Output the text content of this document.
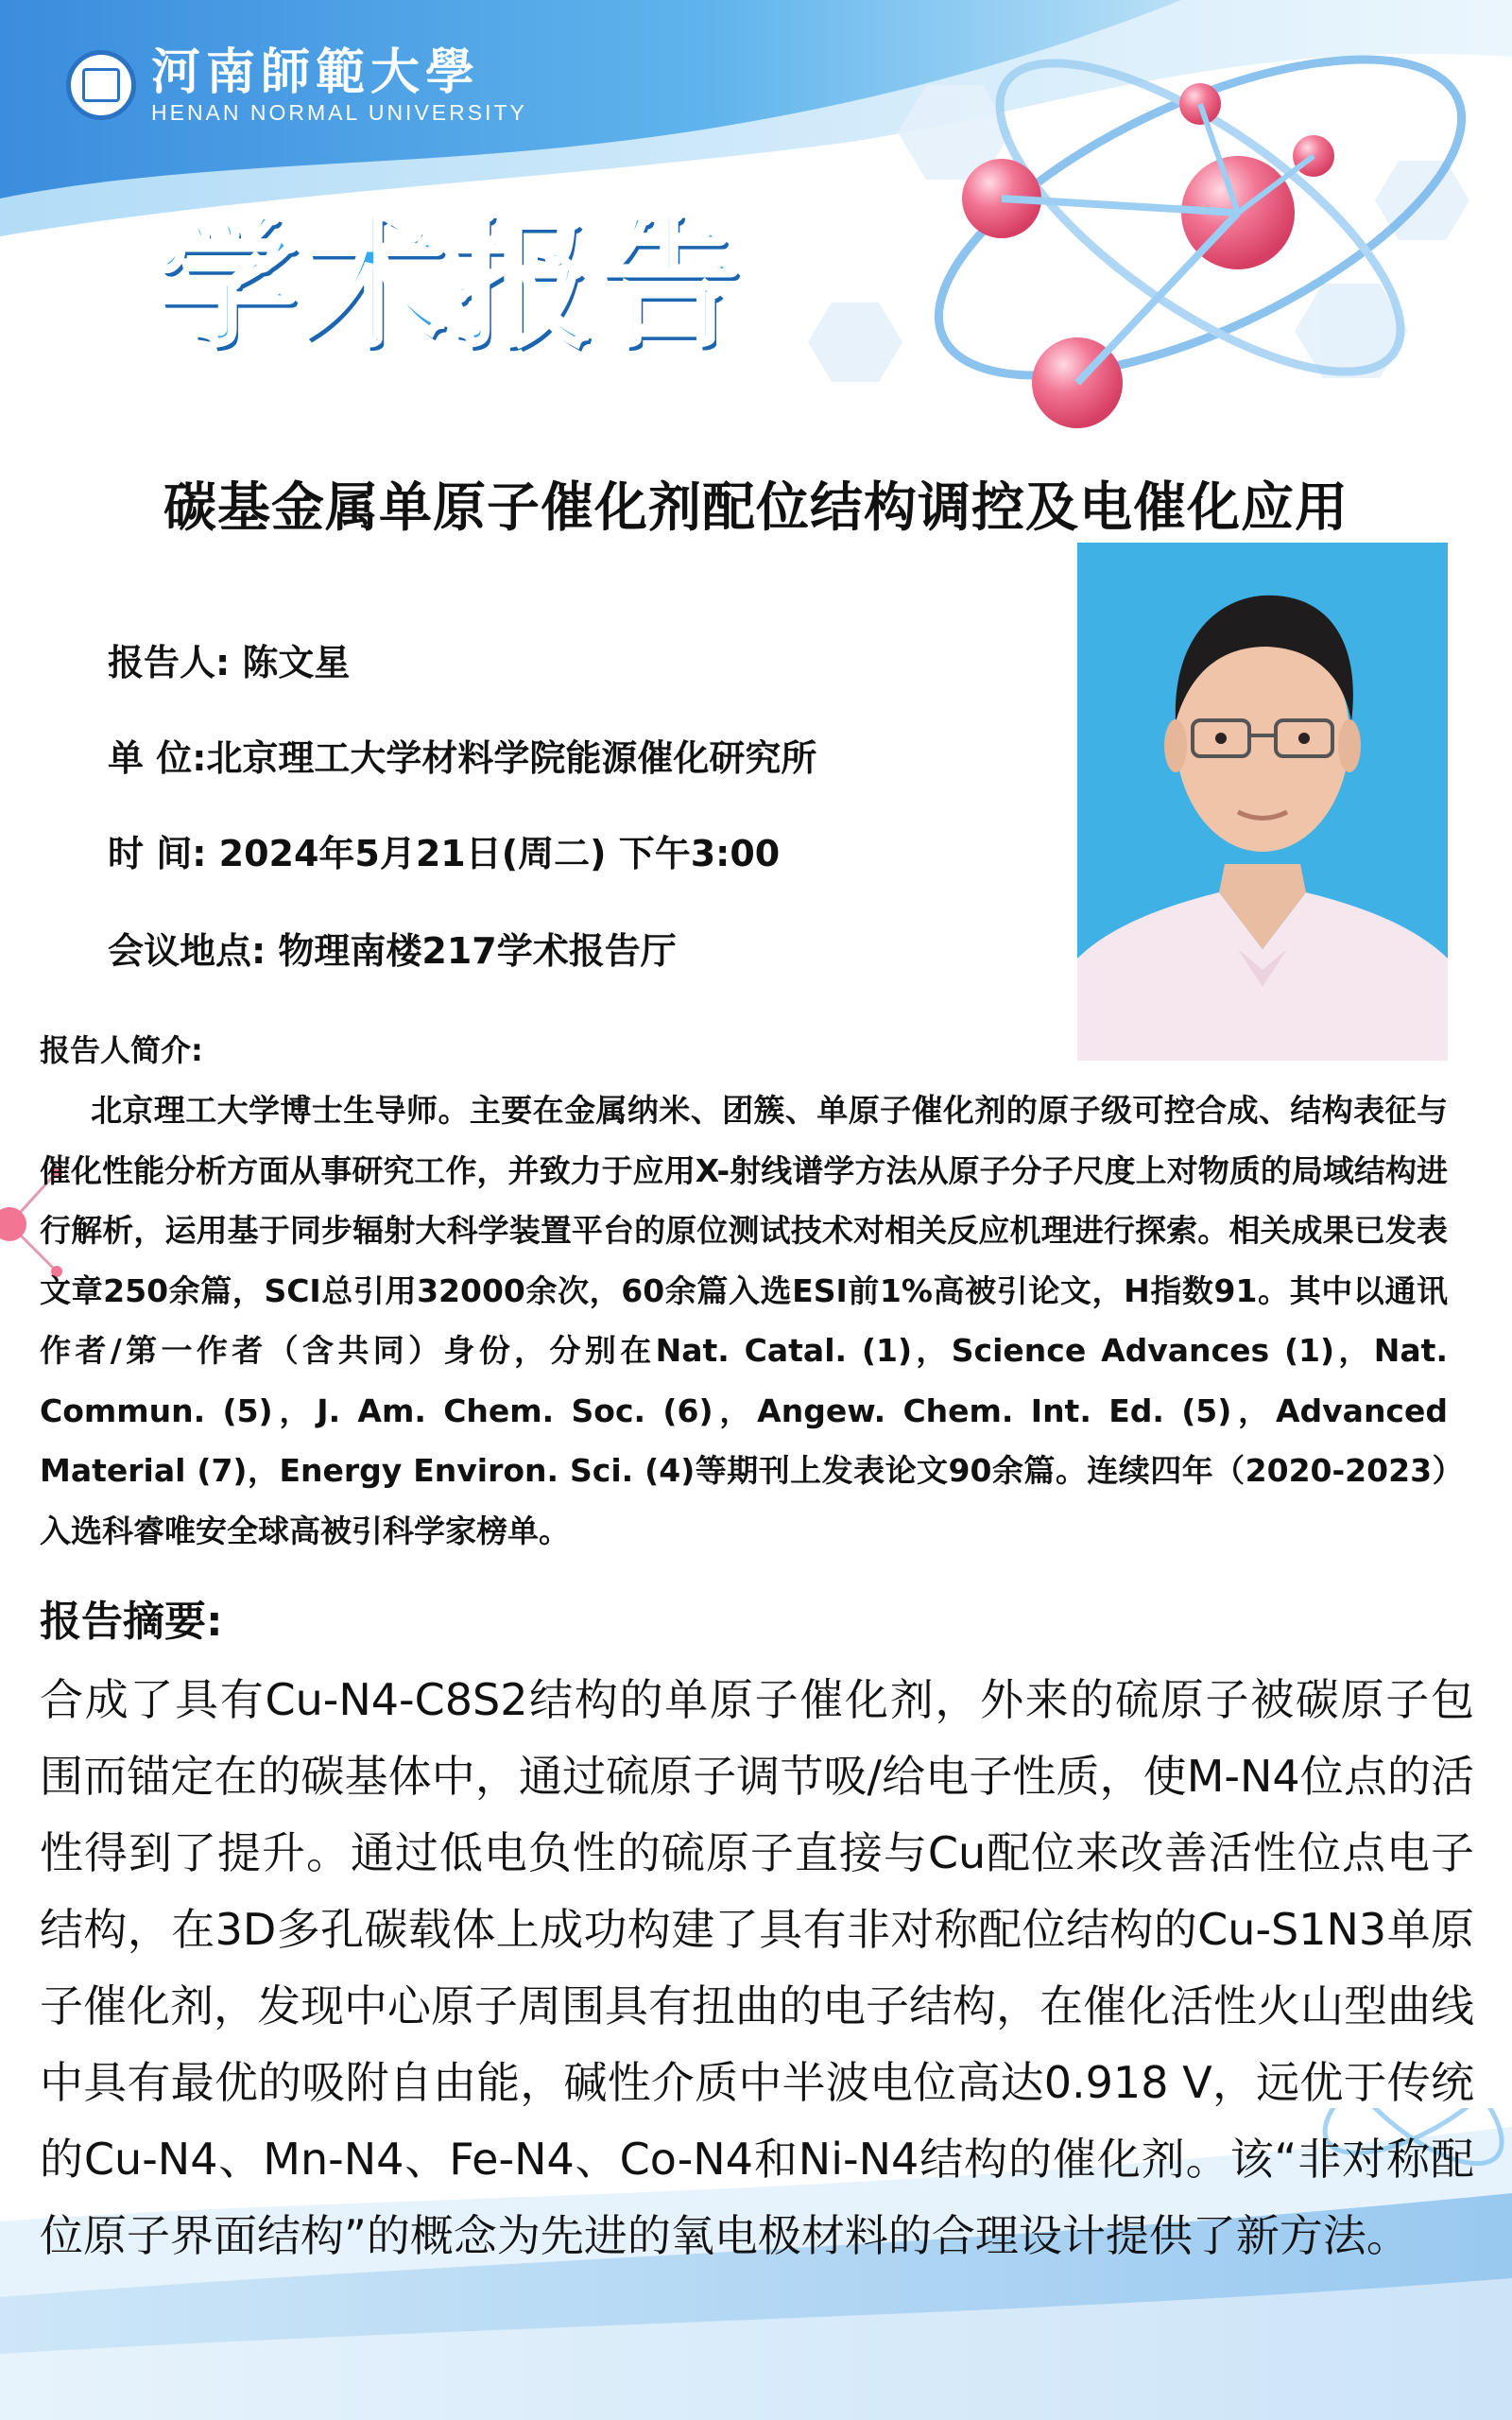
河南師範大學
HENAN NORMAL UNIVERSITY
学术报告
碳基金属单原子催化剂配位结构调控及电催化应用
报告人: 陈文星
单 位:北京理工大学材料学院能源催化研究所
时 间: 2024年5月21日(周二) 下午3:00
会议地点: 物理南楼217学术报告厅
报告人简介:

北京理工大学博士生导师。主要在金属纳米、团簇、单原子催化剂的原子级可控合成、结构表征与催化性能分析方面从事研究工作，并致力于应用X-射线谱学方法从原子分子尺度上对物质的局域结构进行解析，运用基于同步辐射大科学装置平台的原位测试技术对相关反应机理进行探索。相关成果已发表文章250余篇，SCI总引用32000余次，60余篇入选ESI前1%高被引论文，H指数91。其中以通讯作者/第一作者（含共同）身份，分别在Nat. Catal. (1)，Science Advances (1)，Nat. Commun. (5)，J. Am. Chem. Soc. (6)，Angew. Chem. Int. Ed. (5)，Advanced Material (7)，Energy Environ. Sci. (4)等期刊上发表论文90余篇。连续四年（2020-2023）入选科睿唯安全球高被引科学家榜单。

报告摘要:

合成了具有Cu-N4-C8S2结构的单原子催化剂，外来的硫原子被碳原子包围而锚定在的碳基体中，通过硫原子调节吸/给电子性质，使M-N4位点的活性得到了提升。通过低电负性的硫原子直接与Cu配位来改善活性位点电子结构，在3D多孔碳载体上成功构建了具有非对称配位结构的Cu-S1N3单原子催化剂，发现中心原子周围具有扭曲的电子结构，在催化活性火山型曲线中具有最优的吸附自由能，碱性介质中半波电位高达0.918 V，远优于传统的Cu-N4、Mn-N4、Fe-N4、Co-N4和Ni-N4结构的催化剂。该“非对称配位原子界面结构”的概念为先进的氧电极材料的合理设计提供了新方法。
